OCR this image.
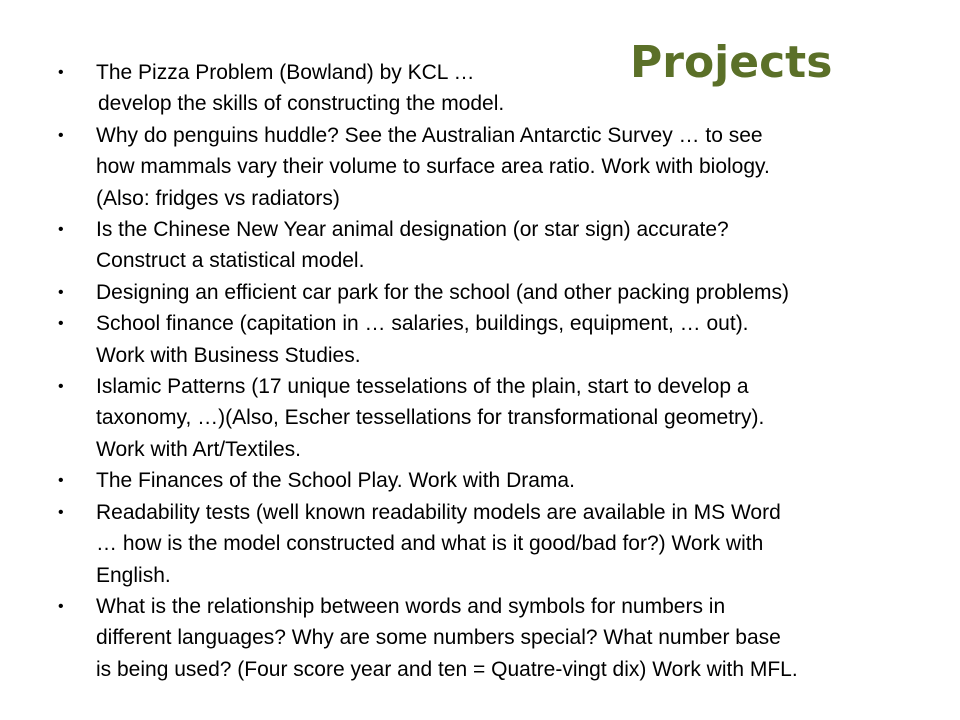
Projects
•	The Pizza Problem (Bowland) by KCL …
develop the skills of constructing the model.
•	Why do penguins huddle? See the Australian Antarctic Survey … to see
how mammals vary their volume to surface area ratio. Work with biology.
(Also: fridges vs radiators)
•	Is the Chinese New Year animal designation (or star sign) accurate?
Construct a statistical model.
•	Designing an efficient car park for the school (and other packing problems)
•	School finance (capitation in … salaries, buildings, equipment, … out).
Work with Business Studies.
•	Islamic Patterns (17 unique tesselations of the plain, start to develop a
taxonomy, …)(Also, Escher tessellations for transformational geometry).
Work with Art/Textiles.
•	The Finances of the School Play. Work with Drama.
•	Readability tests (well known readability models are available in MS Word
… how is the model constructed and what is it good/bad for?) Work with
English.
•	What is the relationship between words and symbols for numbers in
different languages? Why are some numbers special? What number base
is being used? (Four score year and ten = Quatre-vingt dix) Work with MFL.
